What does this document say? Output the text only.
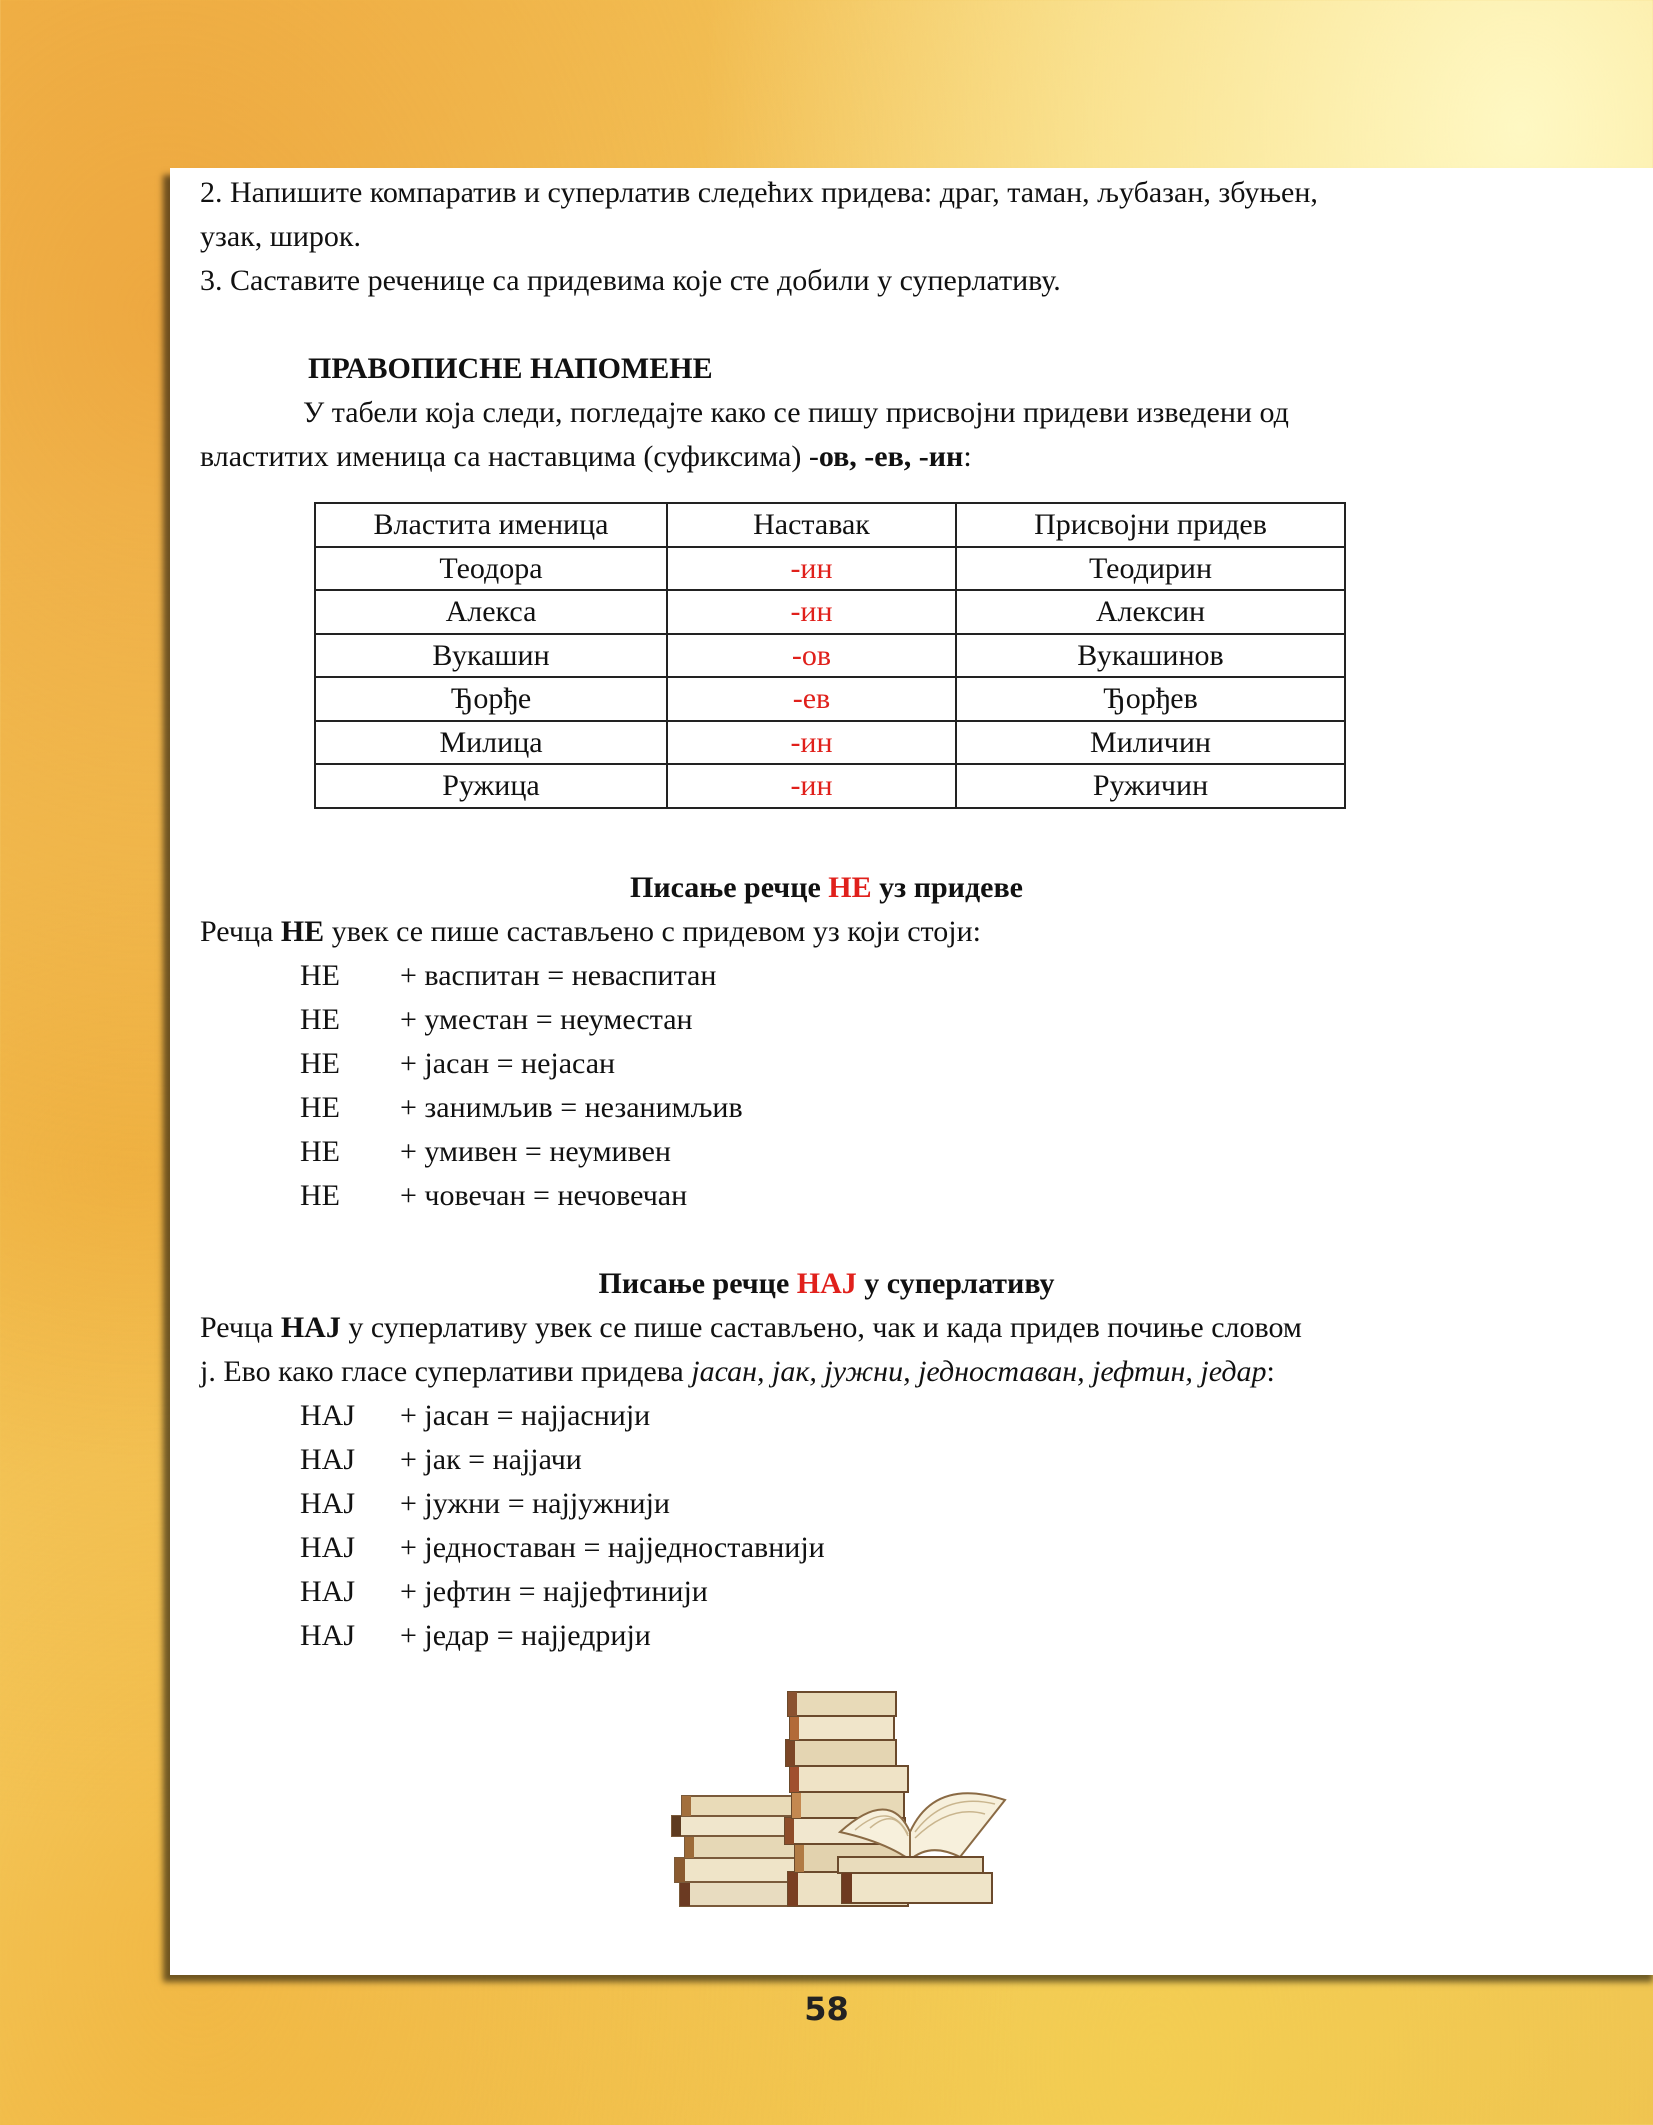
2. Напишите компаратив и суперлатив следећих придева: драг, таман, љубазан, збуњен,
узак, широк.
3. Саставите реченице са придевима које сте добили у суперлативу.
ПРАВОПИСНЕ НАПОМЕНЕ
У табели која следи, погледајте како се пишу присвојни придеви изведени од
властитих именица са наставцима (суфиксима) -ов, -ев, -ин:
Властита именица	Наставак	Присвојни придев
Теодора	-ин	Теодирин
Алекса	-ин	Алексин
Вукашин	-ов	Вукашинов
Ђорђе	-ев	Ђорђев
Милица	-ин	Миличин
Ружица	-ин	Ружичин
Писање речце НЕ уз придеве
Речца НЕ увек се пише састављено с придевом уз који стоји:
НЕ	+ васпитан = неваспитан
НЕ	+ уместан = неуместан
НЕ	+ јасан = нејасан
НЕ	+ занимљив = незанимљив
НЕ	+ умивен = неумивен
НЕ	+ човечан = нечовечан
Писање речце НАЈ у суперлативу
Речца НАЈ у суперлативу увек се пише састављено, чак и када придев почиње словом
ј. Ево како гласе суперлативи придева јасан, јак, јужни, једноставан, јефтин, једар:
НАЈ	+ јасан = најјаснији
НАЈ	+ јак = најјачи
НАЈ	+ јужни = најјужнији
НАЈ	+ једноставан = најједноставнији
НАЈ	+ јефтин = најјефтинији
НАЈ	+ једар = најједрији
58
